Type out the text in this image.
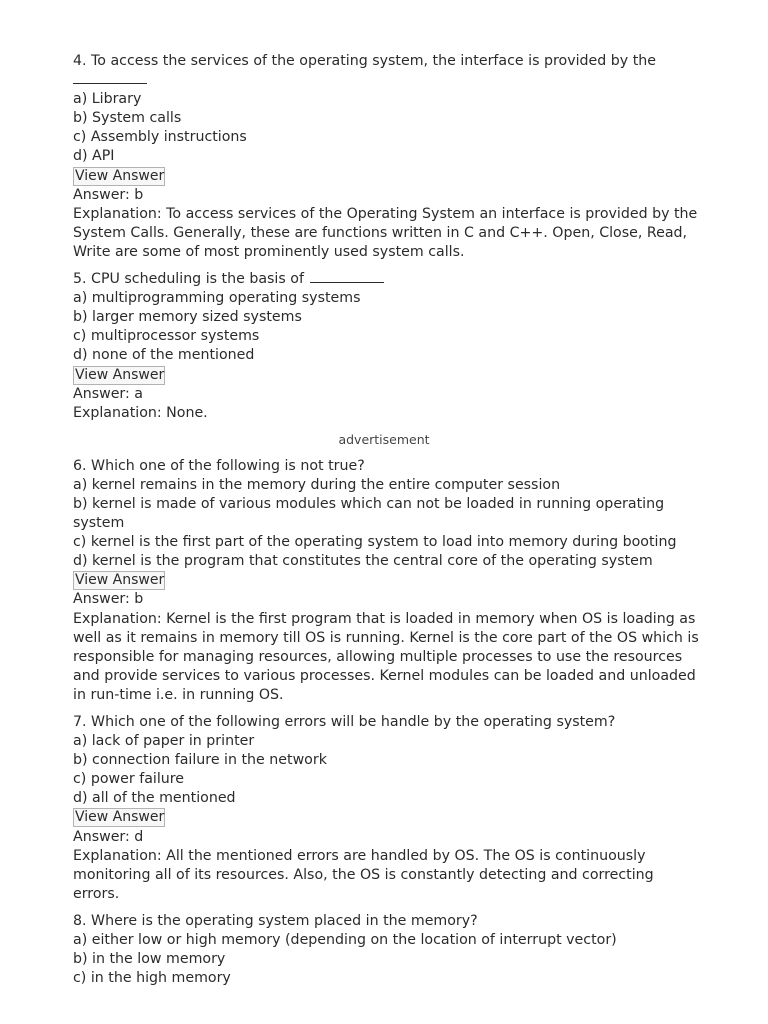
4. To access the services of the operating system, the interface is provided by the

a) Library
b) System calls
c) Assembly instructions
d) API
View Answer
Answer: b

Explanation: To access services of the Operating System an interface is provided by the System Calls. Generally, these are functions written in C and C++. Open, Close, Read, Write are some of most prominently used system calls.

5. CPU scheduling is the basis of

a) multiprogramming operating systems
b) larger memory sized systems
c) multiprocessor systems
d) none of the mentioned
View Answer
Answer: a

Explanation: None.

advertisement

6. Which one of the following is not true?

a) kernel remains in the memory during the entire computer session
b) kernel is made of various modules which can not be loaded in running operating system
c) kernel is the first part of the operating system to load into memory during booting
d) kernel is the program that constitutes the central core of the operating system
View Answer
Answer: b

Explanation: Kernel is the first program that is loaded in memory when OS is loading as well as it remains in memory till OS is running. Kernel is the core part of the OS which is responsible for managing resources, allowing multiple processes to use the resources and provide services to various processes. Kernel modules can be loaded and unloaded in run-time i.e. in running OS.

7. Which one of the following errors will be handle by the operating system?

a) lack of paper in printer
b) connection failure in the network
c) power failure
d) all of the mentioned
View Answer
Answer: d

Explanation: All the mentioned errors are handled by OS. The OS is continuously monitoring all of its resources. Also, the OS is constantly detecting and correcting errors.

8. Where is the operating system placed in the memory?

a) either low or high memory (depending on the location of interrupt vector)
b) in the low memory
c) in the high memory
